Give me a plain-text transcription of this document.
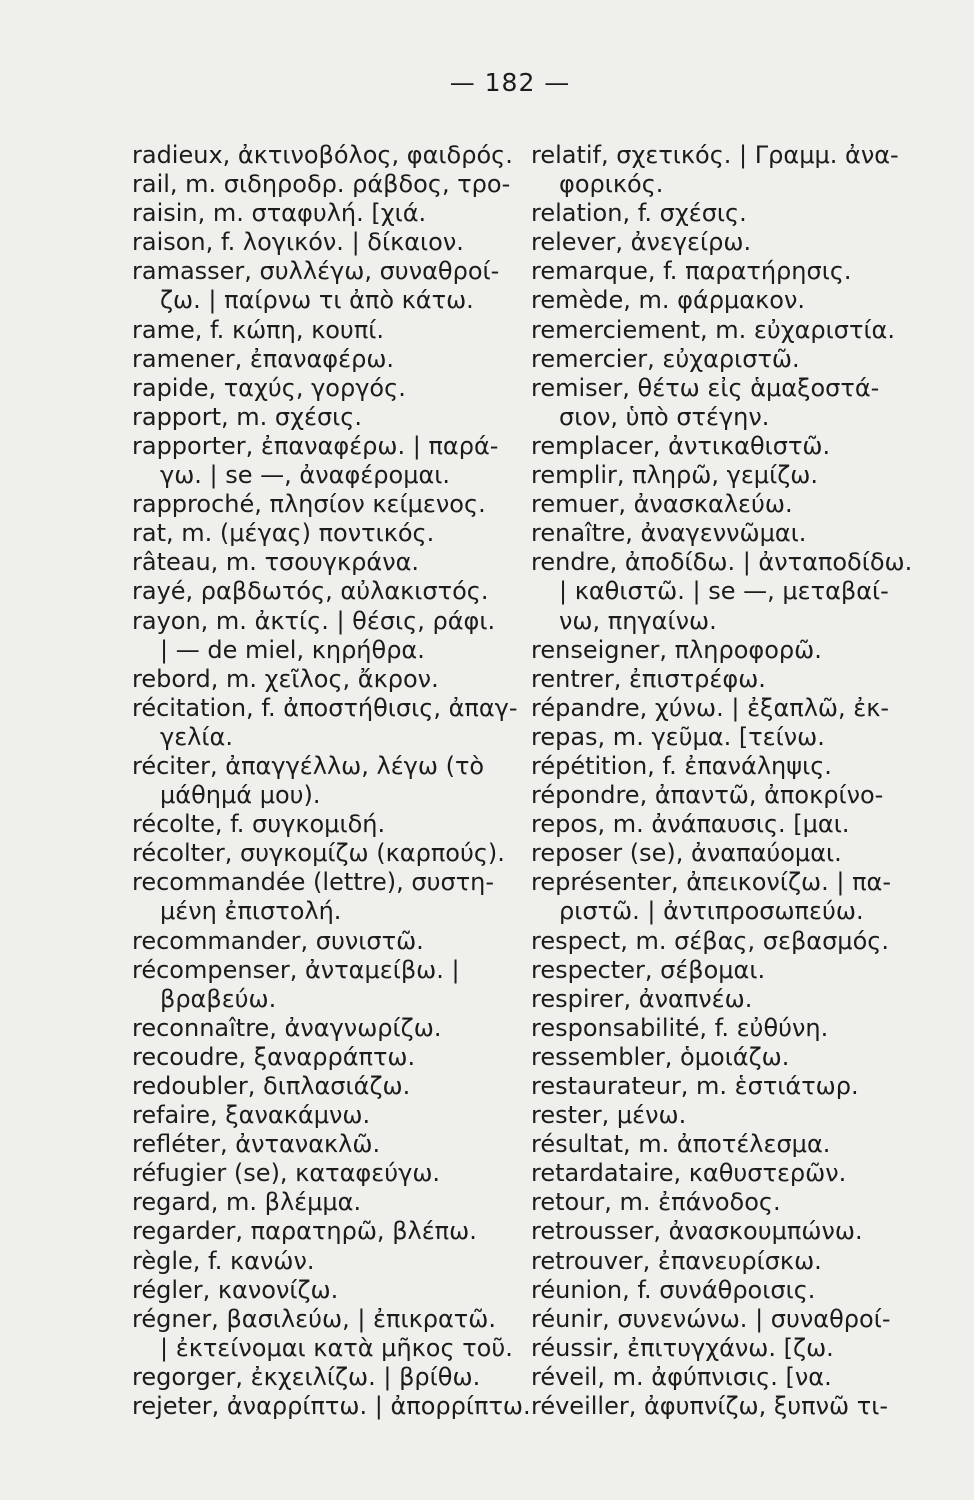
— 182 —
radieux, ἀκτινοβόλος, φαιδρός.
rail, m. σιδηροδρ. ράβδος, τρο-
raisin, m. σταφυλή. [χιά.
raison, f. λογικόν. | δίκαιον.
ramasser, συλλέγω, συναθροί-
ζω. | παίρνω τι ἀπὸ κάτω.
rame, f. κώπη, κουπί.
ramener, ἐπαναφέρω.
rapide, ταχύς, γοργός.
rapport, m. σχέσις.
rapporter, ἐπαναφέρω. | παρά-
γω. | se —, ἀναφέρομαι.
rapproché, πλησίον κείμενος.
rat, m. (μέγας) ποντικός.
râteau, m. τσουγκράνα.
rayé, ραβδωτός, αὐλακιστός.
rayon, m. ἀκτίς. | θέσις, ράφι.
| — de miel, κηρήθρα.
rebord, m. χεῖλος, ἄκρον.
récitation, f. ἀποστήθισις, ἀπαγ-
γελία.
réciter, ἀπαγγέλλω, λέγω (τὸ
μάθημά μου).
récolte, f. συγκομιδή.
récolter, συγκομίζω (καρπούς).
recommandée (lettre), συστη-
μένη ἐπιστολή.
recommander, συνιστῶ.
récompenser, ἀνταμείβω. |
βραβεύω.
reconnaître, ἀναγνωρίζω.
recoudre, ξαναρράπτω.
redoubler, διπλασιάζω.
refaire, ξανακάμνω.
refléter, ἀντανακλῶ.
réfugier (se), καταφεύγω.
regard, m. βλέμμα.
regarder, παρατηρῶ, βλέπω.
règle, f. κανών.
régler, κανονίζω.
régner, βασιλεύω, | ἐπικρατῶ.
| ἐκτείνομαι κατὰ μῆκος τοῦ.
regorger, ἐκχειλίζω. | βρίθω.
rejeter, ἀναρρίπτω. | ἀπορρίπτω.
relatif, σχετικός. | Γραμμ. ἀνα-
φορικός.
relation, f. σχέσις.
relever, ἀνεγείρω.
remarque, f. παρατήρησις.
remède, m. φάρμακον.
remerciement, m. εὐχαριστία.
remercier, εὐχαριστῶ.
remiser, θέτω εἰς ἁμαξοστά-
σιον, ὑπὸ στέγην.
remplacer, ἀντικαθιστῶ.
remplir, πληρῶ, γεμίζω.
remuer, ἀνασκαλεύω.
renaître, ἀναγεννῶμαι.
rendre, ἀποδίδω. | ἀνταποδίδω.
| καθιστῶ. | se —, μεταβαί-
νω, πηγαίνω.
renseigner, πληροφορῶ.
rentrer, ἐπιστρέφω.
répandre, χύνω. | ἐξαπλῶ, ἐκ-
repas, m. γεῦμα. [τείνω.
répétition, f. ἐπανάληψις.
répondre, ἀπαντῶ, ἀποκρίνο-
repos, m. ἀνάπαυσις. [μαι.
reposer (se), ἀναπαύομαι.
représenter, ἀπεικονίζω. | πα-
ριστῶ. | ἀντιπροσωπεύω.
respect, m. σέβας, σεβασμός.
respecter, σέβομαι.
respirer, ἀναπνέω.
responsabilité, f. εὐθύνη.
ressembler, ὁμοιάζω.
restaurateur, m. ἑστιάτωρ.
rester, μένω.
résultat, m. ἀποτέλεσμα.
retardataire, καθυστερῶν.
retour, m. ἐπάνοδος.
retrousser, ἀνασκουμπώνω.
retrouver, ἐπανευρίσκω.
réunion, f. συνάθροισις.
réunir, συνενώνω. | συναθροί-
réussir, ἐπιτυγχάνω. [ζω.
réveil, m. ἀφύπνισις. [να.
réveiller, ἀφυπνίζω, ξυπνῶ τι-
